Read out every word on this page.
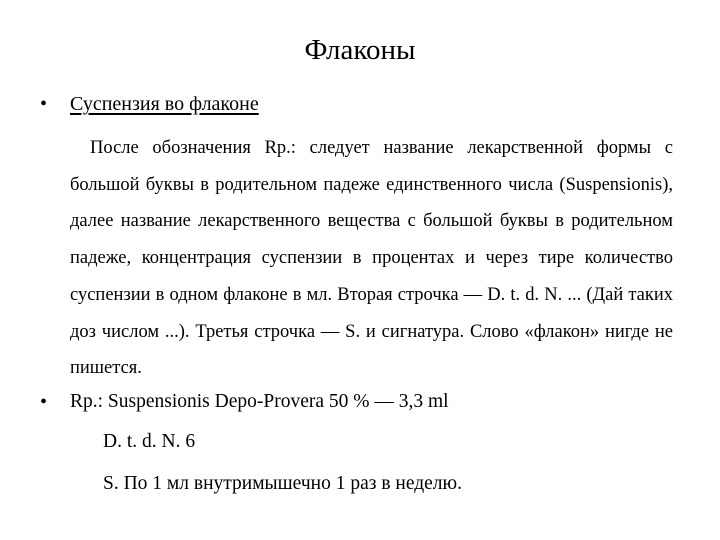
Флаконы
• Суспензия во флаконе

После обозначения Rp.: следует название лекарственной формы с большой буквы в родительном падеже единственного числа (Suspensionis), далее название лекарственного вещества с большой буквы в родительном падеже, концентрация суспензии в процентах и через тире количество суспензии в одном флаконе в мл. Вторая строчка — D. t. d. N. ... (Дай таких доз числом ...). Третья строчка — S. и сигнатура. Слово «флакон» нигде не пишется.

• Rp.: Suspensionis Depo-Provera 50 % — 3,3 ml
D. t. d. N. 6
S. По 1 мл внутримышечно 1 раз в неделю.
